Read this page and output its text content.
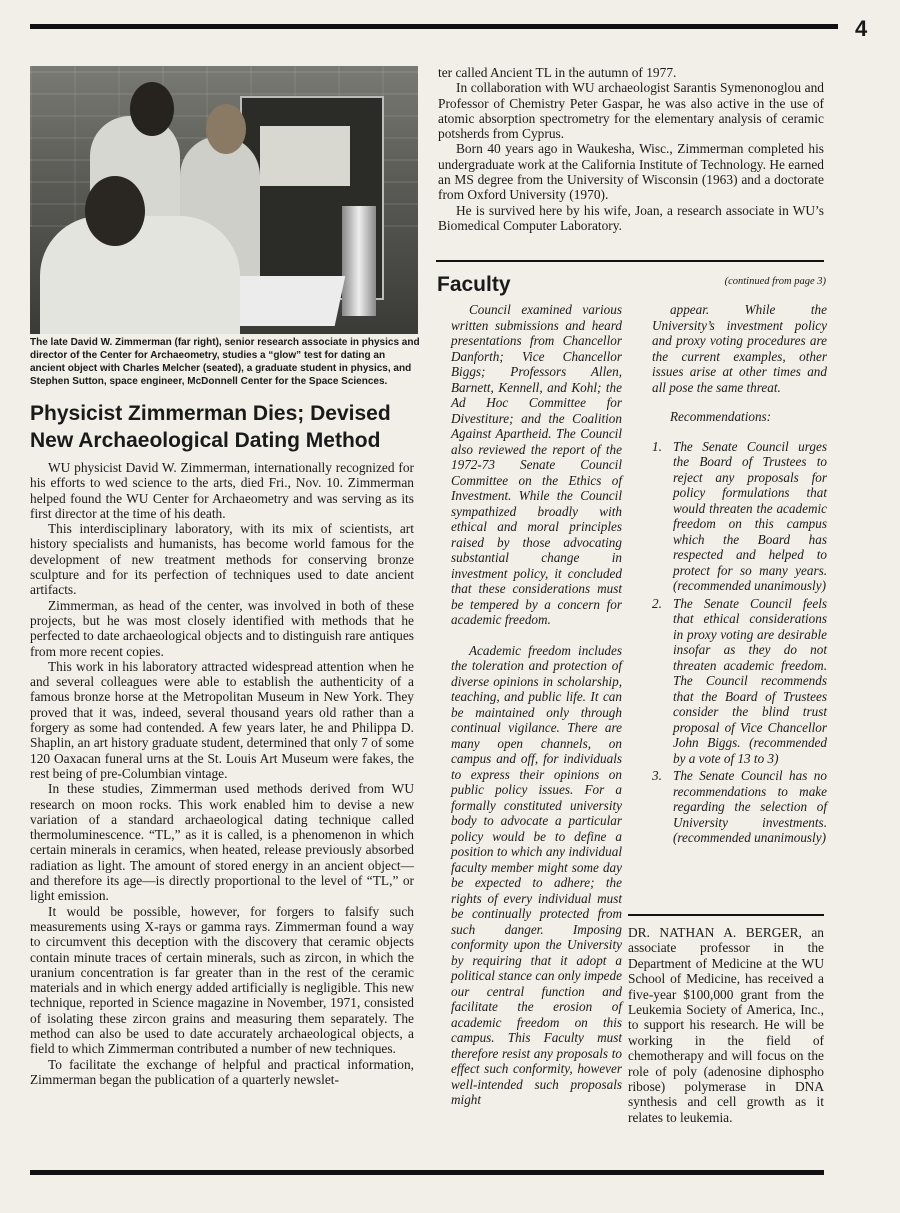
4

The late David W. Zimmerman (far right), senior research associate in physics and director of the Center for Archaeometry, studies a “glow” test for dating an ancient object with Charles Melcher (seated), a graduate student in physics, and Stephen Sutton, space engineer, McDonnell Center for the Space Sciences.

Physicist Zimmerman Dies; Devised New Archaeological Dating Method

WU physicist David W. Zimmerman, internationally recognized for his efforts to wed science to the arts, died Fri., Nov. 10. Zimmerman helped found the WU Center for Archaeometry and was serving as its first director at the time of his death.

This interdisciplinary laboratory, with its mix of scientists, art history specialists and humanists, has become world famous for the development of new treatment methods for conserving bronze sculpture and for its perfection of techniques used to date ancient artifacts.

Zimmerman, as head of the center, was involved in both of these projects, but he was most closely identified with methods that he perfected to date archaeological objects and to distinguish rare antiques from more recent copies.

This work in his laboratory attracted widespread attention when he and several colleagues were able to establish the authenticity of a famous bronze horse at the Metropolitan Museum in New York. They proved that it was, indeed, several thousand years old rather than a forgery as some had contended. A few years later, he and Philippa D. Shaplin, an art history graduate student, determined that only 7 of some 120 Oaxacan funeral urns at the St. Louis Art Museum were fakes, the rest being of pre-Columbian vintage.

In these studies, Zimmerman used methods derived from WU research on moon rocks. This work enabled him to devise a new variation of a standard archaeological dating technique called thermoluminescence. “TL,” as it is called, is a phenomenon in which certain minerals in ceramics, when heated, release previously absorbed radiation as light. The amount of stored energy in an ancient object—and therefore its age—is directly proportional to the level of “TL,” or light emission.

It would be possible, however, for forgers to falsify such measurements using X-rays or gamma rays. Zimmerman found a way to circumvent this deception with the discovery that ceramic objects contain minute traces of certain minerals, such as zircon, in which the uranium concentration is far greater than in the rest of the ceramic materials and in which energy added artificially is negligible. This new technique, reported in Science magazine in November, 1971, consisted of isolating these zircon grains and measuring them separately. The method can also be used to date accurately archaeological objects, a field to which Zimmerman contributed a number of new techniques.

To facilitate the exchange of helpful and practical information, Zimmerman began the publication of a quarterly newslet-

ter called Ancient TL in the autumn of 1977.

In collaboration with WU archaeologist Sarantis Symenonoglou and Professor of Chemistry Peter Gaspar, he was also active in the use of atomic absorption spectrometry for the elementary analysis of ceramic potsherds from Cyprus.

Born 40 years ago in Waukesha, Wisc., Zimmerman completed his undergraduate work at the California Institute of Technology. He earned an MS degree from the University of Wisconsin (1963) and a doctorate from Oxford University (1970).

He is survived here by his wife, Joan, a research associate in WU’s Biomedical Computer Laboratory.

Faculty	(continued from page 3)

Council examined various written submissions and heard presentations from Chancellor Danforth; Vice Chancellor Biggs; Professors Allen, Barnett, Kennell, and Kohl; the Ad Hoc Committee for Divestiture; and the Coalition Against Apartheid. The Council also reviewed the report of the 1972-73 Senate Council Committee on the Ethics of Investment. While the Council sympathized broadly with ethical and moral principles raised by those advocating substantial change in investment policy, it concluded that these considerations must be tempered by a concern for academic freedom.

Academic freedom includes the toleration and protection of diverse opinions in scholarship, teaching, and public life. It can be maintained only through continual vigilance. There are many open channels, on campus and off, for individuals to express their opinions on public policy issues. For a formally constituted university body to advocate a particular policy would be to define a position to which any individual faculty member might some day be expected to adhere; the rights of every individual must be continually protected from such danger. Imposing conformity upon the University by requiring that it adopt a political stance can only impede our central function and facilitate the erosion of academic freedom on this campus. This Faculty must therefore resist any proposals to effect such conformity, however well-intended such proposals might

appear. While the University’s investment policy and proxy voting procedures are the current examples, other issues arise at other times and all pose the same threat.

Recommendations:

1. The Senate Council urges the Board of Trustees to reject any proposals for policy formulations that would threaten the academic freedom on this campus which the Board has respected and helped to protect for so many years. (recommended unanimously)
2. The Senate Council feels that ethical considerations in proxy voting are desirable insofar as they do not threaten academic freedom. The Council recommends that the Board of Trustees consider the blind trust proposal of Vice Chancellor John Biggs. (recommended by a vote of 13 to 3)
3. The Senate Council has no recommendations to make regarding the selection of University investments. (recommended unanimously)

DR. NATHAN A. BERGER, an associate professor in the Department of Medicine at the WU School of Medicine, has received a five-year $100,000 grant from the Leukemia Society of America, Inc., to support his research. He will be working in the field of chemotherapy and will focus on the role of poly (adenosine diphospho ribose) polymerase in DNA synthesis and cell growth as it relates to leukemia.
